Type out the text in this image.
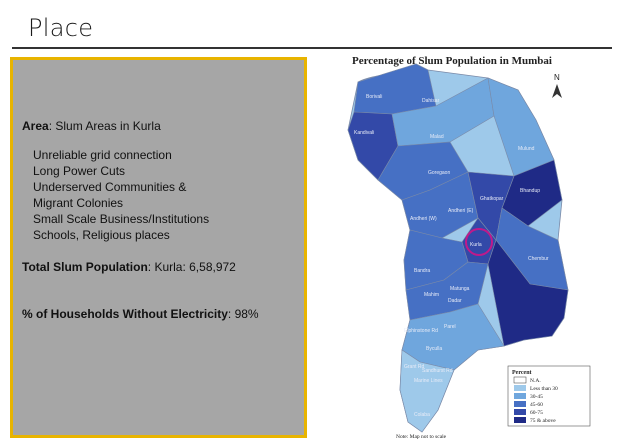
Place
Area: Slum Areas in Kurla
Unreliable grid connection
Long Power Cuts
Underserved Communities &
Migrant Colonies
Small Scale Business/Institutions
Schools, Religious places
Total Slum Population: Kurla: 6,58,972
% of Households Without Electricity: 98%
Percentage of Slum Population in Mumbai
N
Borivali
Kandivali
Dahisar
Malad
Goregaon
Mulund
Bhandup
Ghatkopar
Chembur
Andheri (W)
Andheri (E)
Kurla
Bandra
Mahim
Dadar
Parel
Byculla
Colaba
Grant Rd
Sandhurst Rd
Marine Lines
Elphinstone Rd
Matunga
Percent
N.A.
Less than 30
30-45
45-60
60-75
75 & above
Note: Map not to scale
